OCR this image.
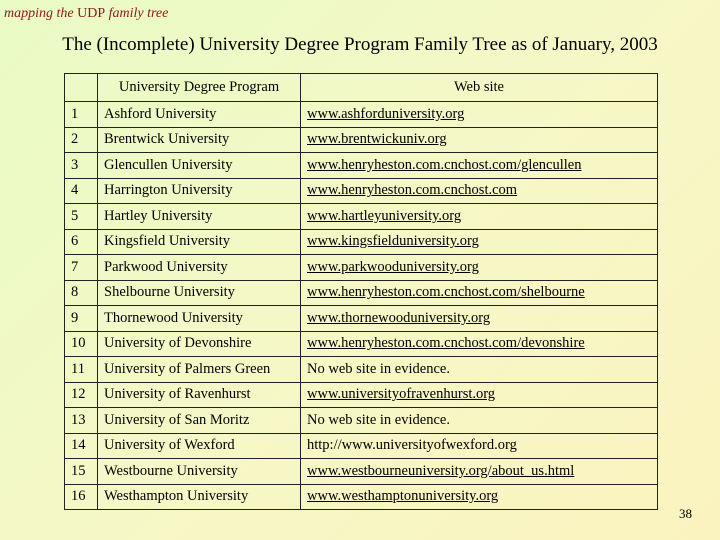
mapping the UDP family tree
The (Incomplete) University Degree Program Family Tree as of January, 2003
	University Degree Program	Web site
1	Ashford University	www.ashforduniversity.org
2	Brentwick University	www.brentwickuniv.org
3	Glencullen University	www.henryheston.com.cnchost.com/glencullen
4	Harrington University	www.henryheston.com.cnchost.com
5	Hartley University	www.hartleyuniversity.org
6	Kingsfield University	www.kingsfielduniversity.org
7	Parkwood University	www.parkwooduniversity.org
8	Shelbourne University	www.henryheston.com.cnchost.com/shelbourne
9	Thornewood University	www.thornewooduniversity.org
10	University of Devonshire	www.henryheston.com.cnchost.com/devonshire
11	University of Palmers Green	No web site in evidence.
12	University of Ravenhurst	www.universityofravenhurst.org
13	University of San Moritz	No web site in evidence.
14	University of Wexford	http://www.universityofwexford.org
15	Westbourne University	www.westbourneuniversity.org/about_us.html
16	Westhampton University	www.westhamptonuniversity.org
38
